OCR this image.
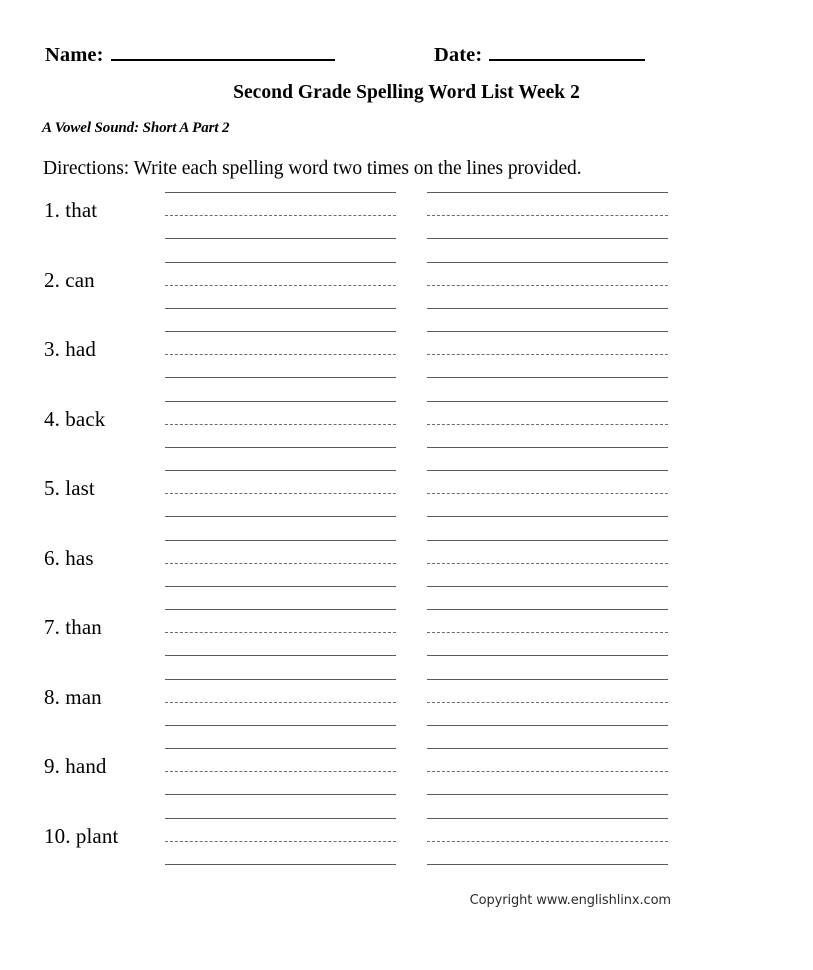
Name:	Date:
Second Grade Spelling Word List Week 2
A Vowel Sound: Short A Part 2
Directions: Write each spelling word two times on the lines provided.
1. that
2. can
3. had
4. back
5. last
6. has
7. than
8. man
9. hand
10. plant
Copyright www.englishlinx.com
